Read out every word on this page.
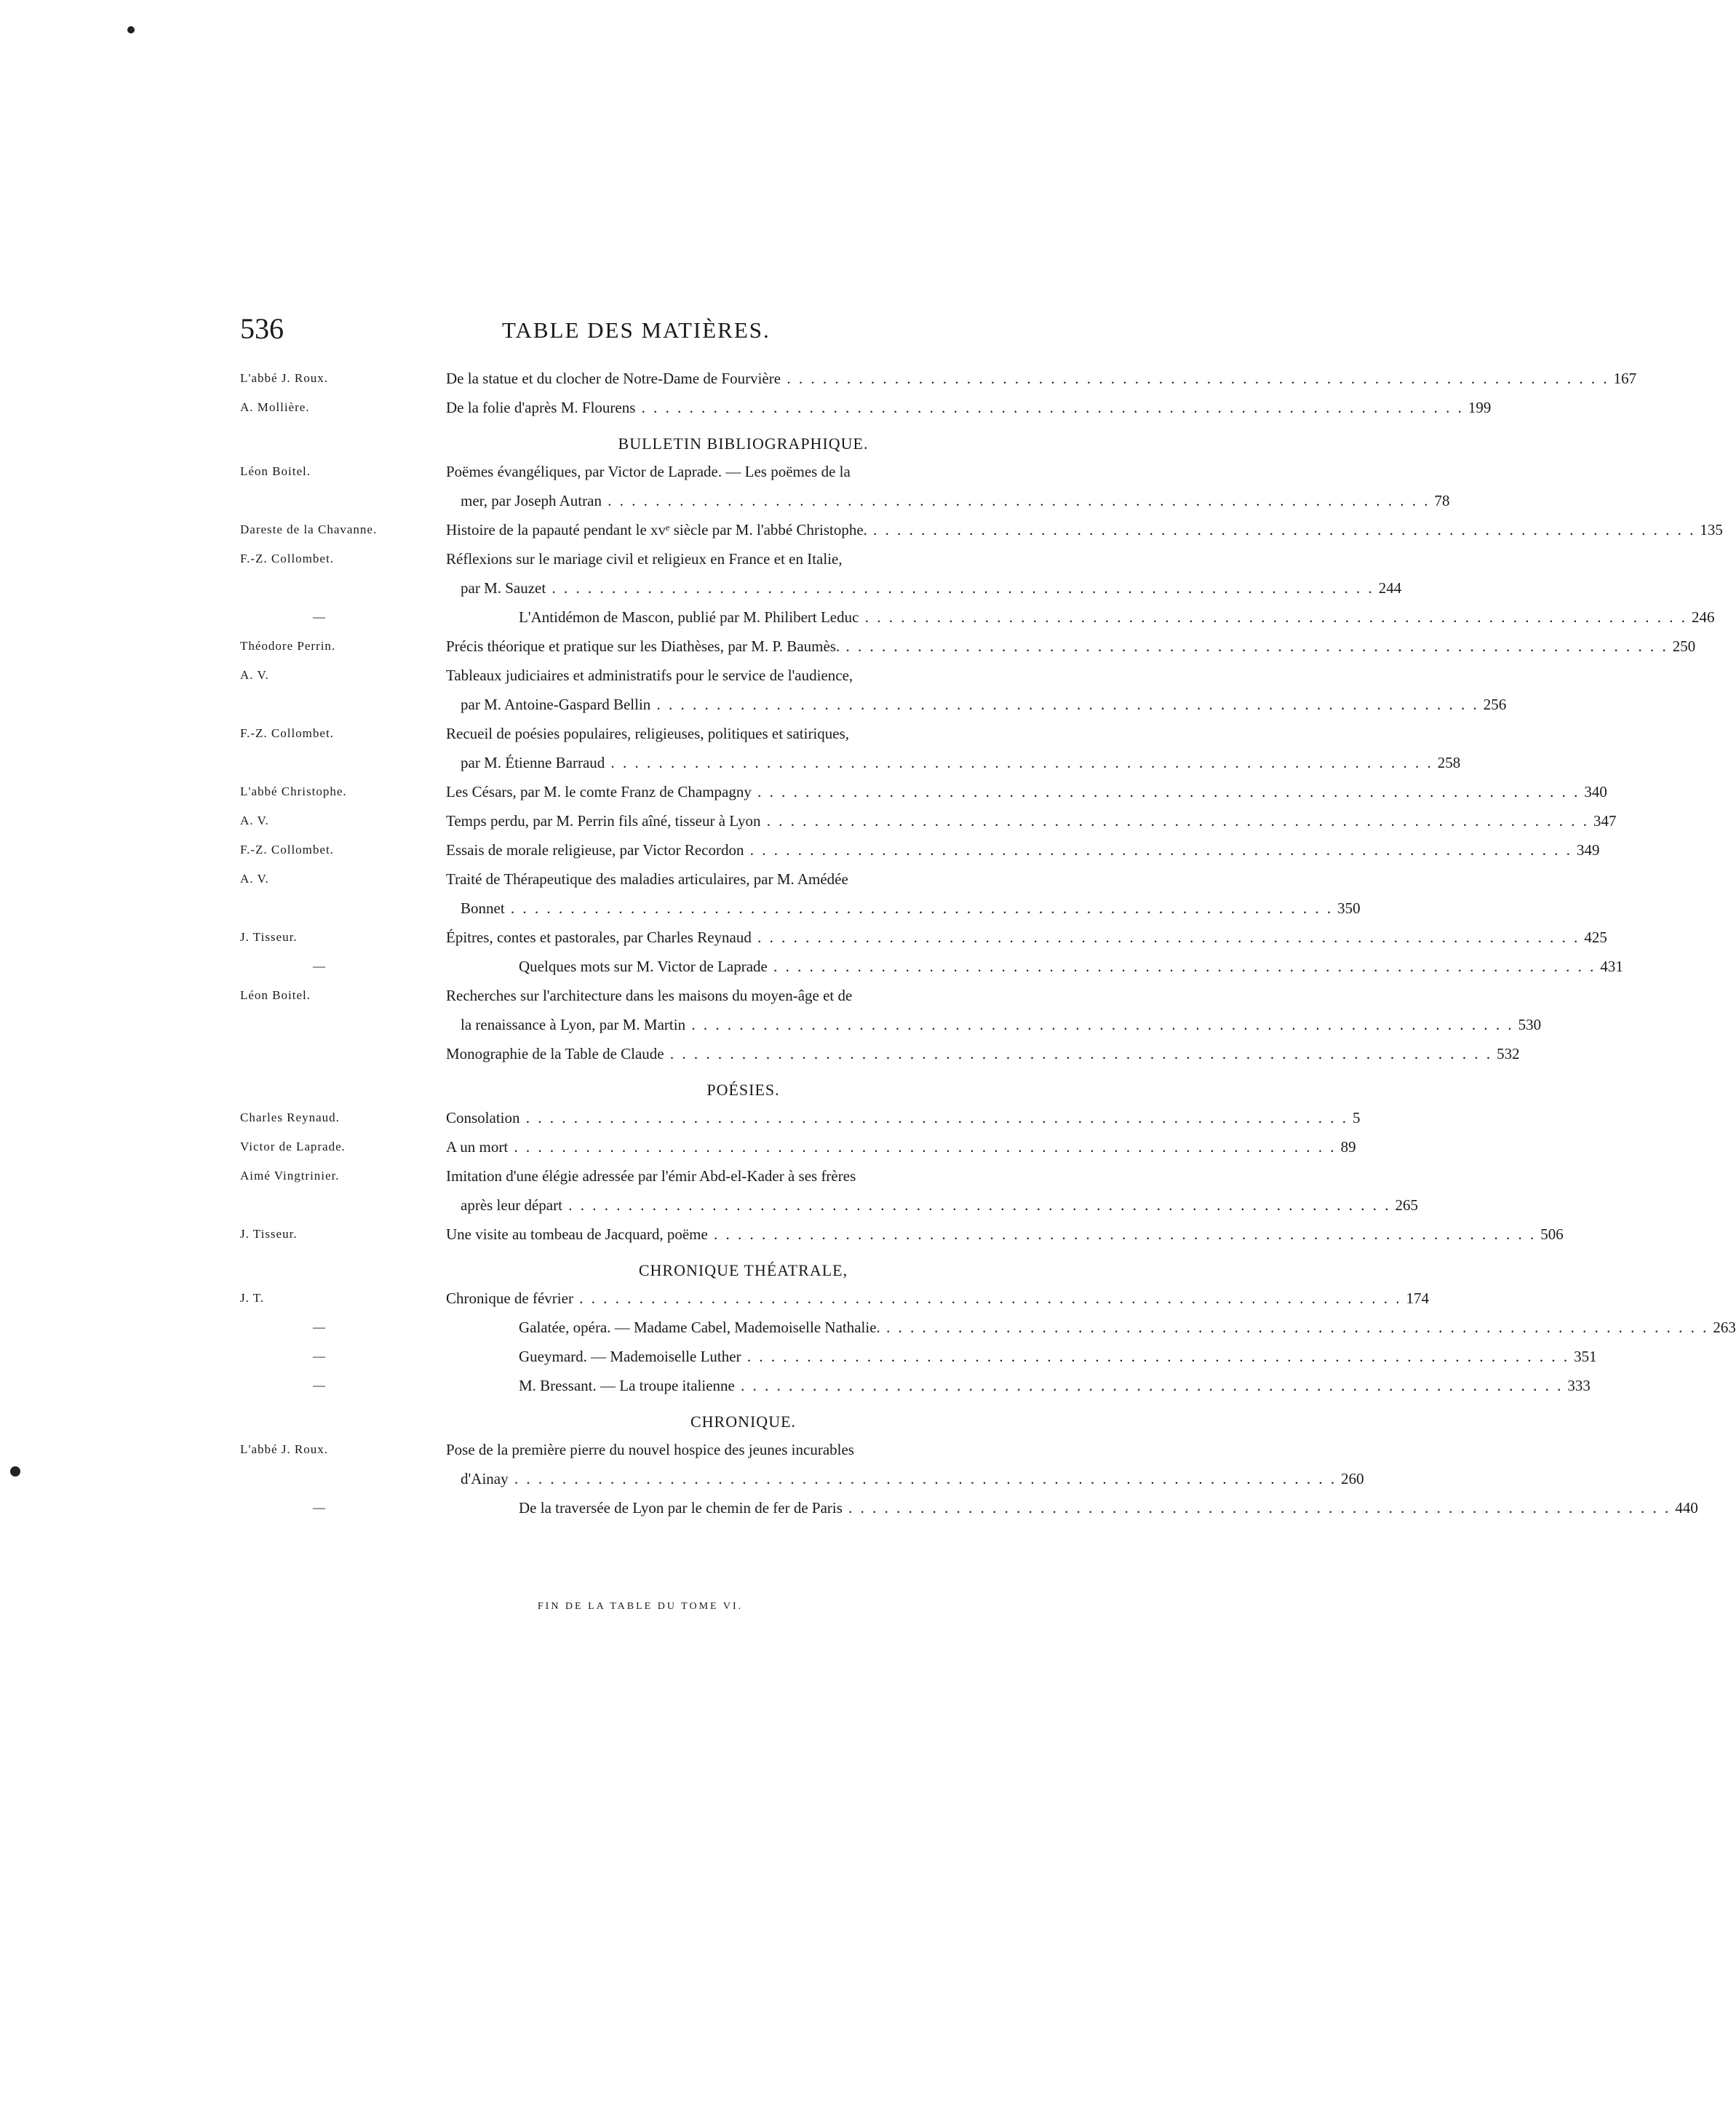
536	TABLE DES MATIÈRES.
L'abbé J. Roux.	De la statue et du clocher de Notre-Dame de Fourvière . . .	167
A. Mollière.	De la folie d'après M. Flourens . . .	199
BULLETIN BIBLIOGRAPHIQUE.
Léon Boitel.	Poëmes évangéliques, par Victor de Laprade. — Les poëmes de la
mer, par Joseph Autran . . .	78
Dareste de la Chavanne.	Histoire de la papauté pendant le xvᵉ siècle par M. l'abbé Christophe. . . .	135
F.-Z. Collombet.	Réflexions sur le mariage civil et religieux en France et en Italie,
par M. Sauzet . . .	244
—	L'Antidémon de Mascon, publié par M. Philibert Leduc . . .	246
Théodore Perrin.	Précis théorique et pratique sur les Diathèses, par M. P. Baumès. . . .	250
A. V.	Tableaux judiciaires et administratifs pour le service de l'audience,
par M. Antoine-Gaspard Bellin . . .	256
F.-Z. Collombet.	Recueil de poésies populaires, religieuses, politiques et satiriques,
par M. Étienne Barraud . . .	258
L'abbé Christophe.	Les Césars, par M. le comte Franz de Champagny . . .	340
A. V.	Temps perdu, par M. Perrin fils aîné, tisseur à Lyon . . .	347
F.-Z. Collombet.	Essais de morale religieuse, par Victor Recordon . . .	349
A. V.	Traité de Thérapeutique des maladies articulaires, par M. Amédée
Bonnet . . .	350
J. Tisseur.	Épitres, contes et pastorales, par Charles Reynaud . . .	425
—	Quelques mots sur M. Victor de Laprade . . .	431
Léon Boitel.	Recherches sur l'architecture dans les maisons du moyen-âge et de
la renaissance à Lyon, par M. Martin . . .	530
Monographie de la Table de Claude . . .	532
POÉSIES.
Charles Reynaud.	Consolation . . .	5
Victor de Laprade.	A un mort . . .	89
Aimé Vingtrinier.	Imitation d'une élégie adressée par l'émir Abd-el-Kader à ses frères
après leur départ . . .	265
J. Tisseur.	Une visite au tombeau de Jacquard, poëme . . .	506
CHRONIQUE THÉATRALE,
J. T.	Chronique de février . . .	174
—	Galatée, opéra. — Madame Cabel, Mademoiselle Nathalie. . . .	263
—	Gueymard. — Mademoiselle Luther . . .	351
—	M. Bressant. — La troupe italienne . . .	333
CHRONIQUE.
L'abbé J. Roux.	Pose de la première pierre du nouvel hospice des jeunes incurables
d'Ainay . . .	260
—	De la traversée de Lyon par le chemin de fer de Paris . . .	440
FIN DE LA TABLE DU TOME VI.
